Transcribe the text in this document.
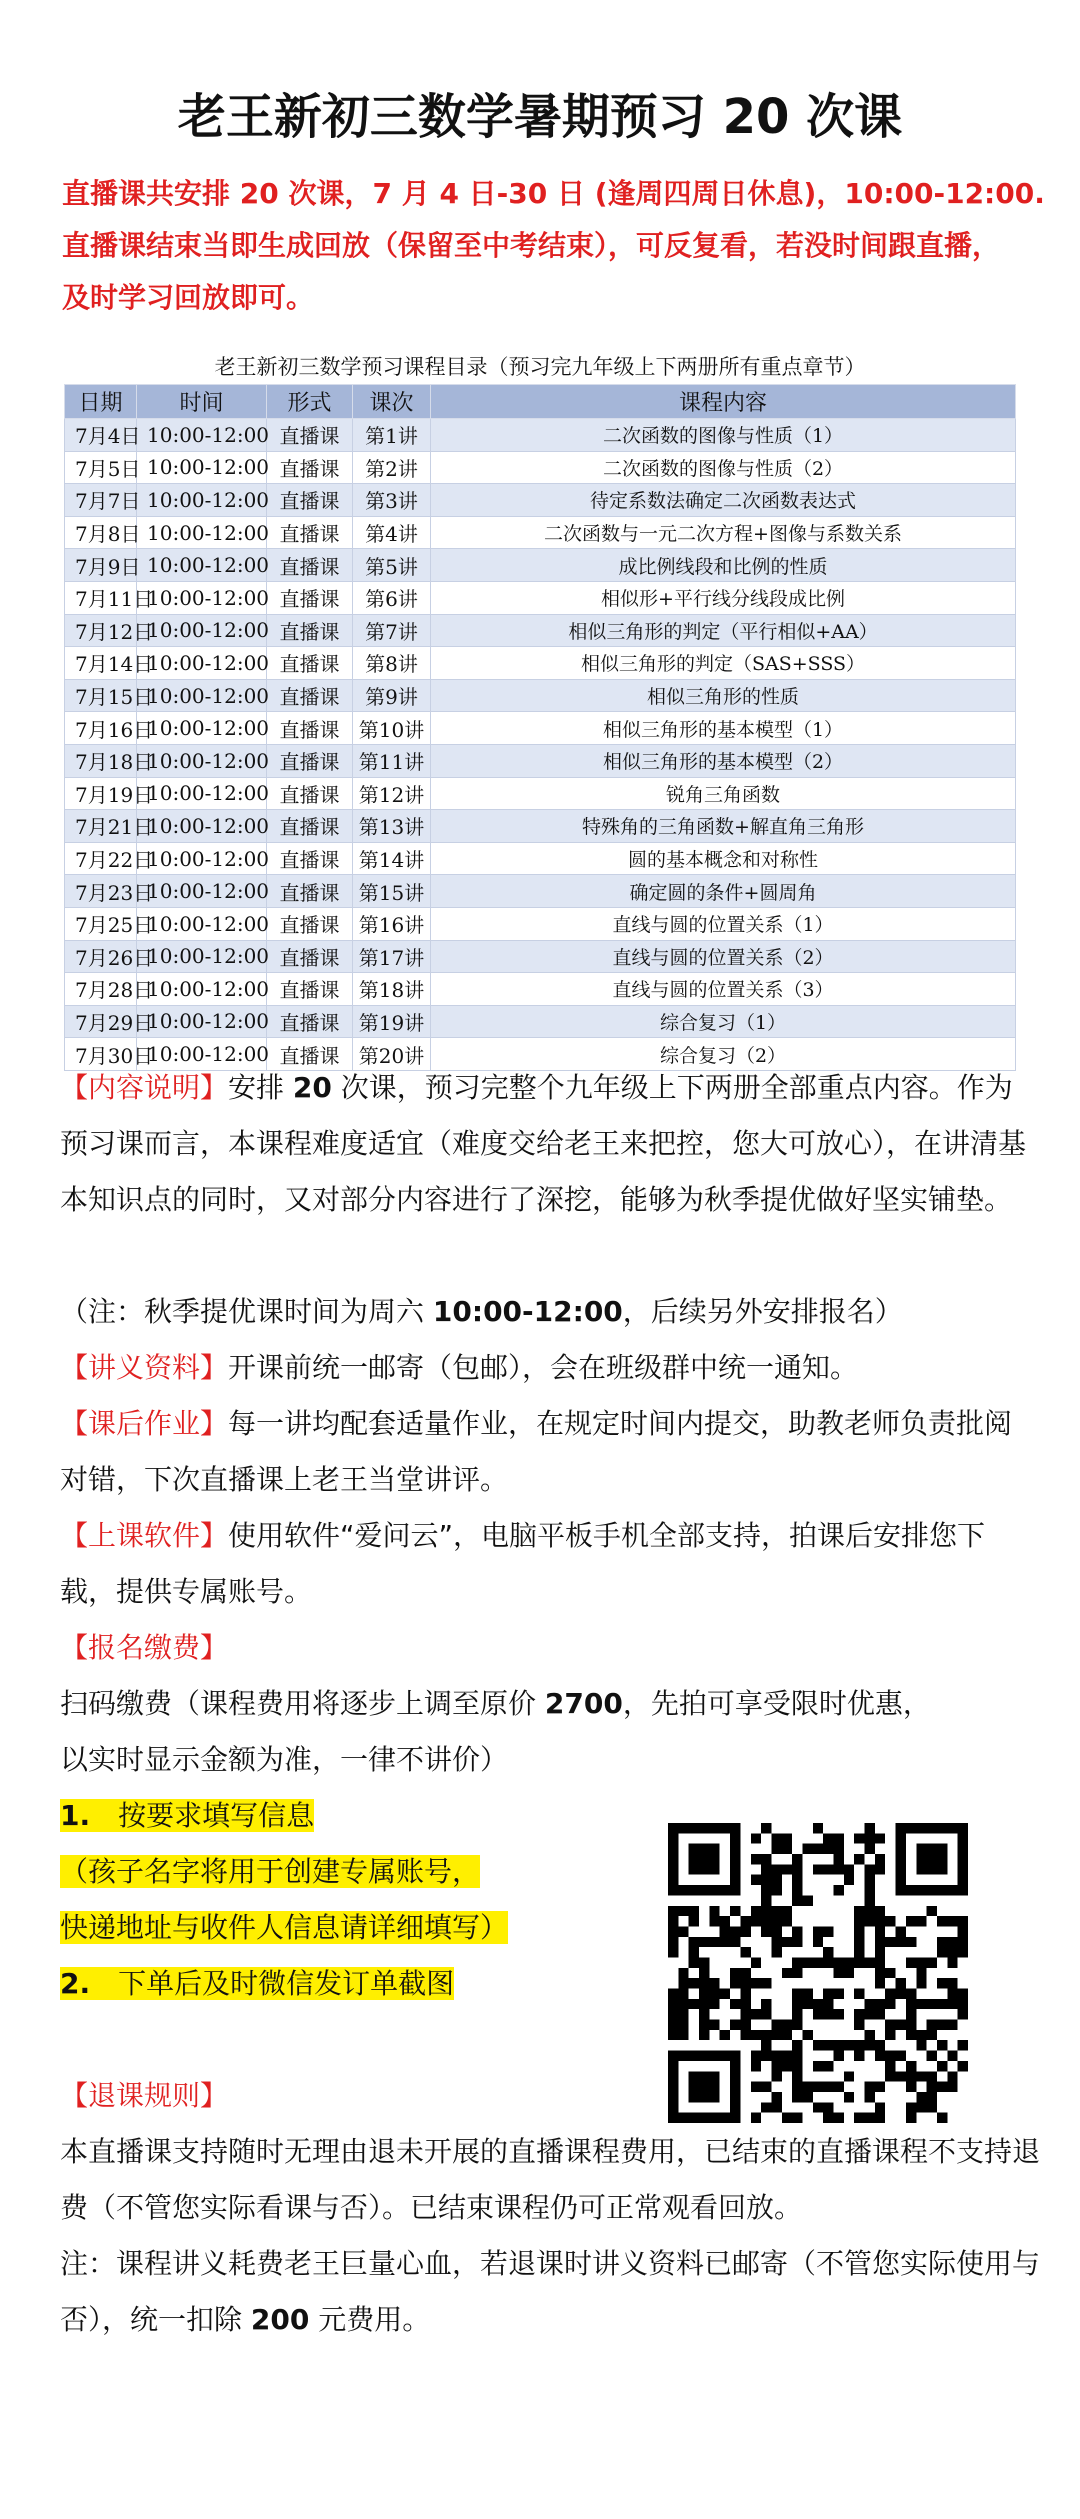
老王新初三数学暑期预习 20 次课
直播课共安排 20 次课，7 月 4 日-30 日 (逢周四周日休息)，10:00-12:00.
直播课结束当即生成回放（保留至中考结束），可反复看，若没时间跟直播，
及时学习回放即可。
老王新初三数学预习课程目录（预习完九年级上下两册所有重点章节）
日期	时间	形式	课次	课程内容
7月4日	10:00-12:00	直播课	第1讲	二次函数的图像与性质（1）
7月5日	10:00-12:00	直播课	第2讲	二次函数的图像与性质（2）
7月7日	10:00-12:00	直播课	第3讲	待定系数法确定二次函数表达式
7月8日	10:00-12:00	直播课	第4讲	二次函数与一元二次方程+图像与系数关系
7月9日	10:00-12:00	直播课	第5讲	成比例线段和比例的性质
7月11日	10:00-12:00	直播课	第6讲	相似形+平行线分线段成比例
7月12日	10:00-12:00	直播课	第7讲	相似三角形的判定（平行相似+AA）
7月14日	10:00-12:00	直播课	第8讲	相似三角形的判定（SAS+SSS）
7月15日	10:00-12:00	直播课	第9讲	相似三角形的性质
7月16日	10:00-12:00	直播课	第10讲	相似三角形的基本模型（1）
7月18日	10:00-12:00	直播课	第11讲	相似三角形的基本模型（2）
7月19日	10:00-12:00	直播课	第12讲	锐角三角函数
7月21日	10:00-12:00	直播课	第13讲	特殊角的三角函数+解直角三角形
7月22日	10:00-12:00	直播课	第14讲	圆的基本概念和对称性
7月23日	10:00-12:00	直播课	第15讲	确定圆的条件+圆周角
7月25日	10:00-12:00	直播课	第16讲	直线与圆的位置关系（1）
7月26日	10:00-12:00	直播课	第17讲	直线与圆的位置关系（2）
7月28日	10:00-12:00	直播课	第18讲	直线与圆的位置关系（3）
7月29日	10:00-12:00	直播课	第19讲	综合复习（1）
7月30日	10:00-12:00	直播课	第20讲	综合复习（2）
【内容说明】安排 20 次课，预习完整个九年级上下两册全部重点内容。作为预习课而言，本课程难度适宜（难度交给老王来把控，您大可放心），在讲清基本知识点的同时，又对部分内容进行了深挖，能够为秋季提优做好坚实铺垫。
（注：秋季提优课时间为周六 10:00-12:00，后续另外安排报名）
【讲义资料】开课前统一邮寄（包邮），会在班级群中统一通知。
【课后作业】每一讲均配套适量作业，在规定时间内提交，助教老师负责批阅对错，下次直播课上老王当堂讲评。
【上课软件】使用软件“爱问云”，电脑平板手机全部支持，拍课后安排您下载，提供专属账号。
【报名缴费】
扫码缴费（课程费用将逐步上调至原价 2700，先拍可享受限时优惠，
以实时显示金额为准，一律不讲价）
1. 按要求填写信息
（孩子名字将用于创建专属账号，
快递地址与收件人信息请详细填写）
2. 下单后及时微信发订单截图
【退课规则】
本直播课支持随时无理由退未开展的直播课程费用，已结束的直播课程不支持退费（不管您实际看课与否）。已结束课程仍可正常观看回放。
注：课程讲义耗费老王巨量心血，若退课时讲义资料已邮寄（不管您实际使用与否），统一扣除 200 元费用。
